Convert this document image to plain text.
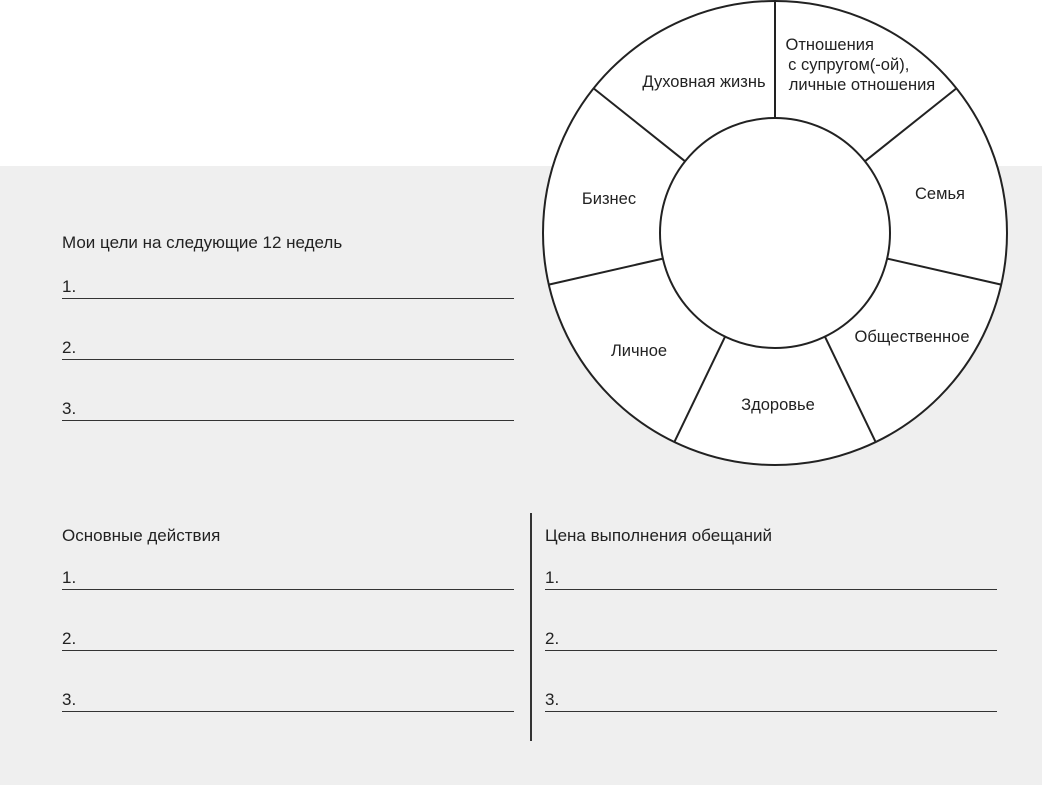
Мои цели на следующие 12 недель
1.
2.
3.
Основные действия
1.
2.
3.
Цена выполнения обещаний
1.
2.
3.
Отношения с супругом(-ой), личные отношения
Семья
Общественное
Здоровье
Личное
Бизнес
Духовная жизнь
